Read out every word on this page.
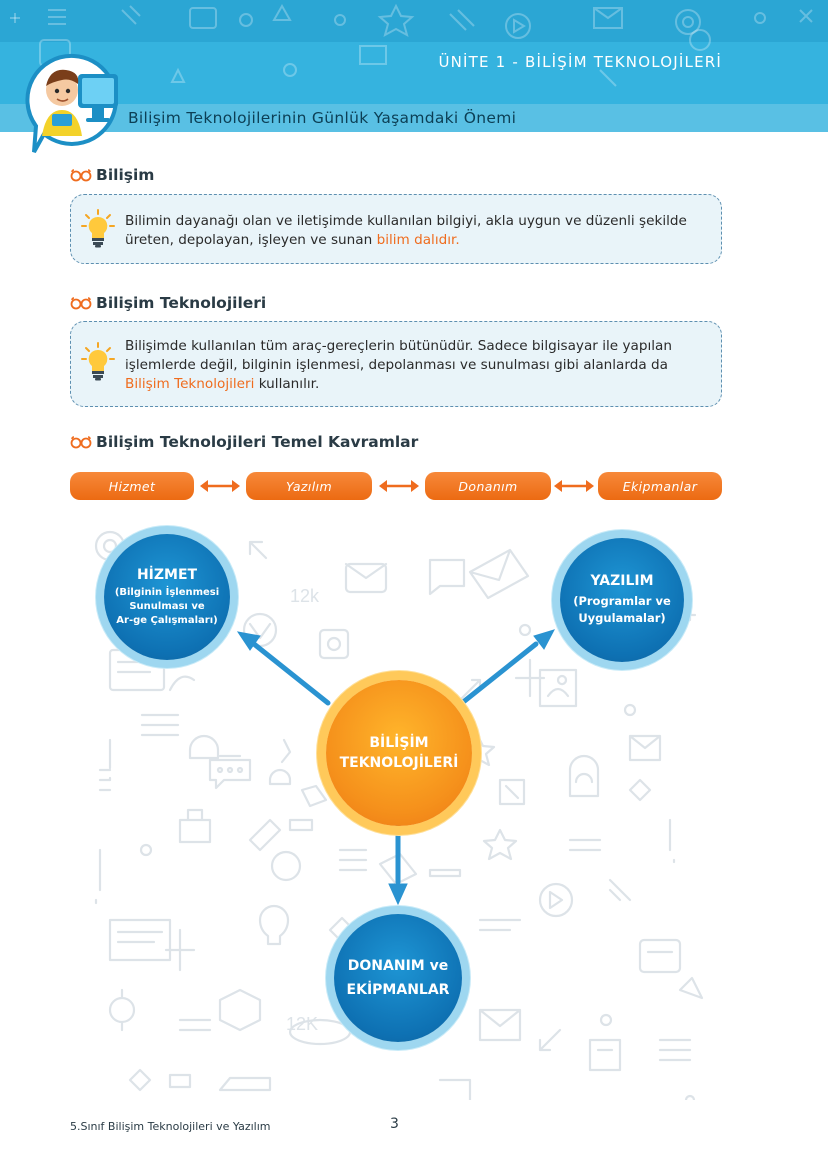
ÜNİTE 1 - BİLİŞİM TEKNOLOJİLERİ
Bilişim Teknolojilerinin Günlük Yaşamdaki Önemi
Bilişim
Bilimin dayanağı olan ve iletişimde kullanılan bilgiyi, akla uygun ve düzenli şekilde üreten, depolayan, işleyen ve sunan bilim dalıdır.
Bilişim Teknolojileri
Bilişimde kullanılan tüm araç-gereçlerin bütünüdür. Sadece bilgisayar ile yapılan işlemlerde değil, bilginin işlenmesi, depolanması ve sunulması gibi alanlarda da Bilişim Teknolojileri kullanılır.
Bilişim Teknolojileri Temel Kavramlar
Hizmet	Yazılım	Donanım	Ekipmanlar
12k
12K
HİZMET
(Bilginin İşlenmesi
Sunulması ve
Ar-ge Çalışmaları)
YAZILIM
(Programlar ve
Uygulamalar)
BİLİŞİM
TEKNOLOJİLERİ
DONANIM ve
EKİPMANLAR
5.Sınıf Bilişim Teknolojileri ve Yazılım	3
